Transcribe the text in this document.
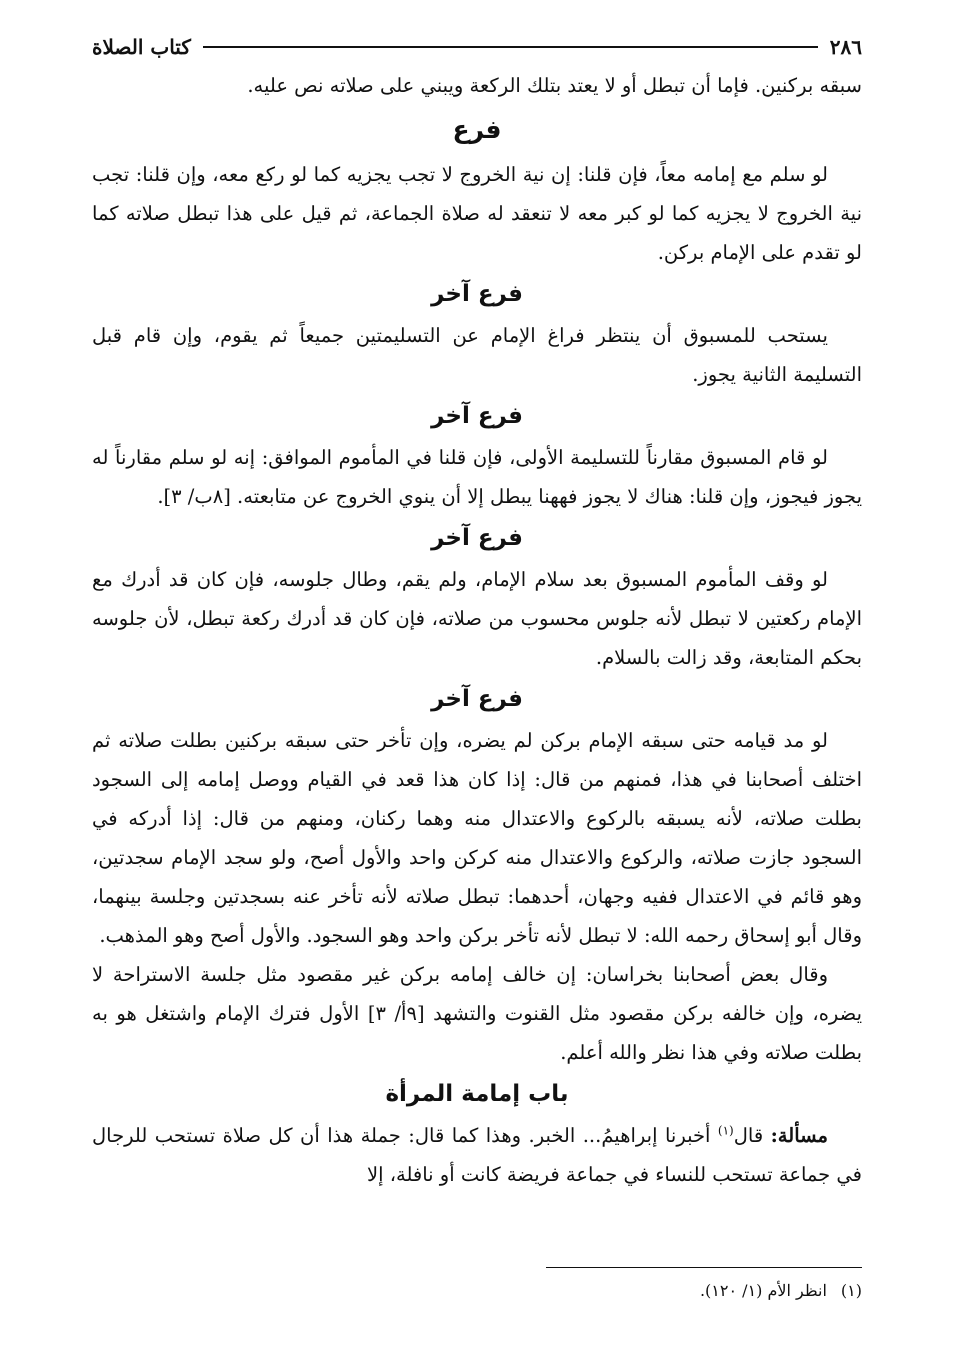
٢٨٦
كتاب الصلاة

سبقه بركنين. فإما أن تبطل أو لا يعتد بتلك الركعة ويبني على صلاته نص عليه.

فرع

لو سلم مع إمامه معاً، فإن قلنا: إن نية الخروج لا تجب يجزيه كما لو ركع معه، وإن قلنا: تجب نية الخروج لا يجزيه كما لو كبر معه لا تنعقد له صلاة الجماعة، ثم قيل على هذا تبطل صلاته كما لو تقدم على الإمام بركن.

فرع آخر

يستحب للمسبوق أن ينتظر فراغ الإمام عن التسليمتين جميعاً ثم يقوم، وإن قام قبل التسليمة الثانية يجوز.

فرع آخر

لو قام المسبوق مقارناً للتسليمة الأولى، فإن قلنا في المأموم الموافق: إنه لو سلم مقارناً له يجوز فيجوز، وإن قلنا: هناك لا يجوز فههنا يبطل إلا أن ينوي الخروج عن متابعته. [٨ب/ ٣].

فرع آخر

لو وقف المأموم المسبوق بعد سلام الإمام، ولم يقم، وطال جلوسه، فإن كان قد أدرك مع الإمام ركعتين لا تبطل لأنه جلوس محسوب من صلاته، فإن كان قد أدرك ركعة تبطل، لأن جلوسه بحكم المتابعة، وقد زالت بالسلام.

فرع آخر

لو مد قيامه حتى سبقه الإمام بركن لم يضره، وإن تأخر حتى سبقه بركنين بطلت صلاته ثم اختلف أصحابنا في هذا، فمنهم من قال: إذا كان هذا قعد في القيام ووصل إمامه إلى السجود بطلت صلاته، لأنه يسبقه بالركوع والاعتدال منه وهما ركنان، ومنهم من قال: إذا أدركه في السجود جازت صلاته، والركوع والاعتدال منه كركن واحد والأول أصح، ولو سجد الإمام سجدتين، وهو قائم في الاعتدال ففيه وجهان، أحدهما: تبطل صلاته لأنه تأخر عنه بسجدتين وجلسة بينهما، وقال أبو إسحاق رحمه الله: لا تبطل لأنه تأخر بركن واحد وهو السجود. والأول أصح وهو المذهب.

وقال بعض أصحابنا بخراسان: إن خالف إمامه بركن غير مقصود مثل جلسة الاستراحة لا يضره، وإن خالفه بركن مقصود مثل القنوت والتشهد [٩أ/ ٣] الأول فترك الإمام واشتغل هو به بطلت صلاته وفي هذا نظر والله أعلم.

باب إمامة المرأة

مسألة: قال$^{(١)}$ أخبرنا إبراهيمُ... الخبر. وهذا كما قال: جملة هذا أن كل صلاة تستحب للرجال في جماعة تستحب للنساء في جماعة فريضة كانت أو نافلة، إلا

(١)انظر الأم (١/ ١٢٠).
